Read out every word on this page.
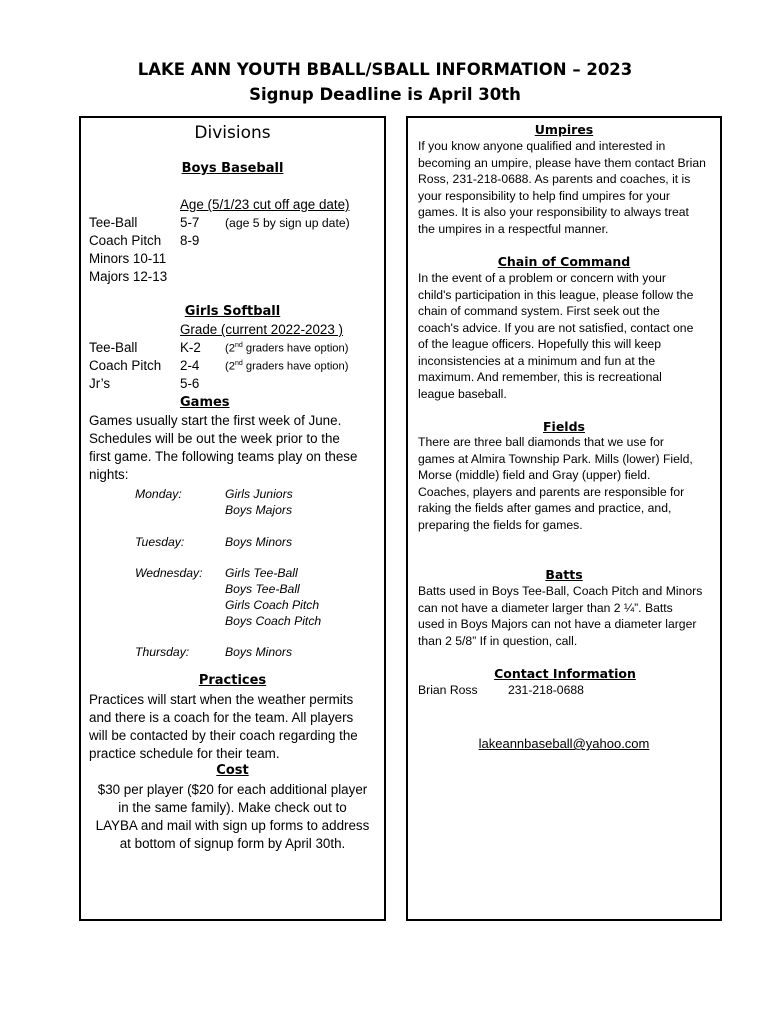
LAKE ANN YOUTH BBALL/SBALL INFORMATION – 2023
Signup Deadline is April 30th
Divisions
Boys Baseball
Age (5/1/23 cut off age date)
Tee-Ball	5-7 (age 5 by sign up date)
Coach Pitch 8-9
Minors 10-11
Majors 12-13
Girls Softball
Grade (current 2022-2023 )
Tee-Ball	K-2 (2nd graders have option)
Coach Pitch 2-4 (2nd graders have option)
Jr’s	5-6
Games
Games usually start the first week of June.
Schedules will be out the week prior to the
first game. The following teams play on these
nights:
Monday:	Girls Juniors
Boys Majors
Tuesday:	Boys Minors
Wednesday: Girls Tee-Ball
Boys Tee-Ball
Girls Coach Pitch
Boys Coach Pitch
Thursday:	Boys Minors
Practices
Practices will start when the weather permits
and there is a coach for the team. All players
will be contacted by their coach regarding the
practice schedule for their team.
Cost
$30 per player ($20 for each additional player
in the same family). Make check out to
LAYBA and mail with sign up forms to address
at bottom of signup form by April 30th.
Umpires
If you know anyone qualified and interested in
becoming an umpire, please have them contact Brian
Ross, 231-218-0688. As parents and coaches, it is
your responsibility to help find umpires for your
games. It is also your responsibility to always treat
the umpires in a respectful manner.
Chain of Command
In the event of a problem or concern with your
child's participation in this league, please follow the
chain of command system. First seek out the
coach's advice. If you are not satisfied, contact one
of the league officers. Hopefully this will keep
inconsistencies at a minimum and fun at the
maximum. And remember, this is recreational
league baseball.
Fields
There are three ball diamonds that we use for
games at Almira Township Park. Mills (lower) Field,
Morse (middle) field and Gray (upper) field.
Coaches, players and parents are responsible for
raking the fields after games and practice, and,
preparing the fields for games.
Batts
Batts used in Boys Tee-Ball, Coach Pitch and Minors
can not have a diameter larger than 2 ¼”. Batts
used in Boys Majors can not have a diameter larger
than 2 5/8” If in question, call.
Contact Information
Brian Ross 231-218-0688
lakeannbaseball@yahoo.com
